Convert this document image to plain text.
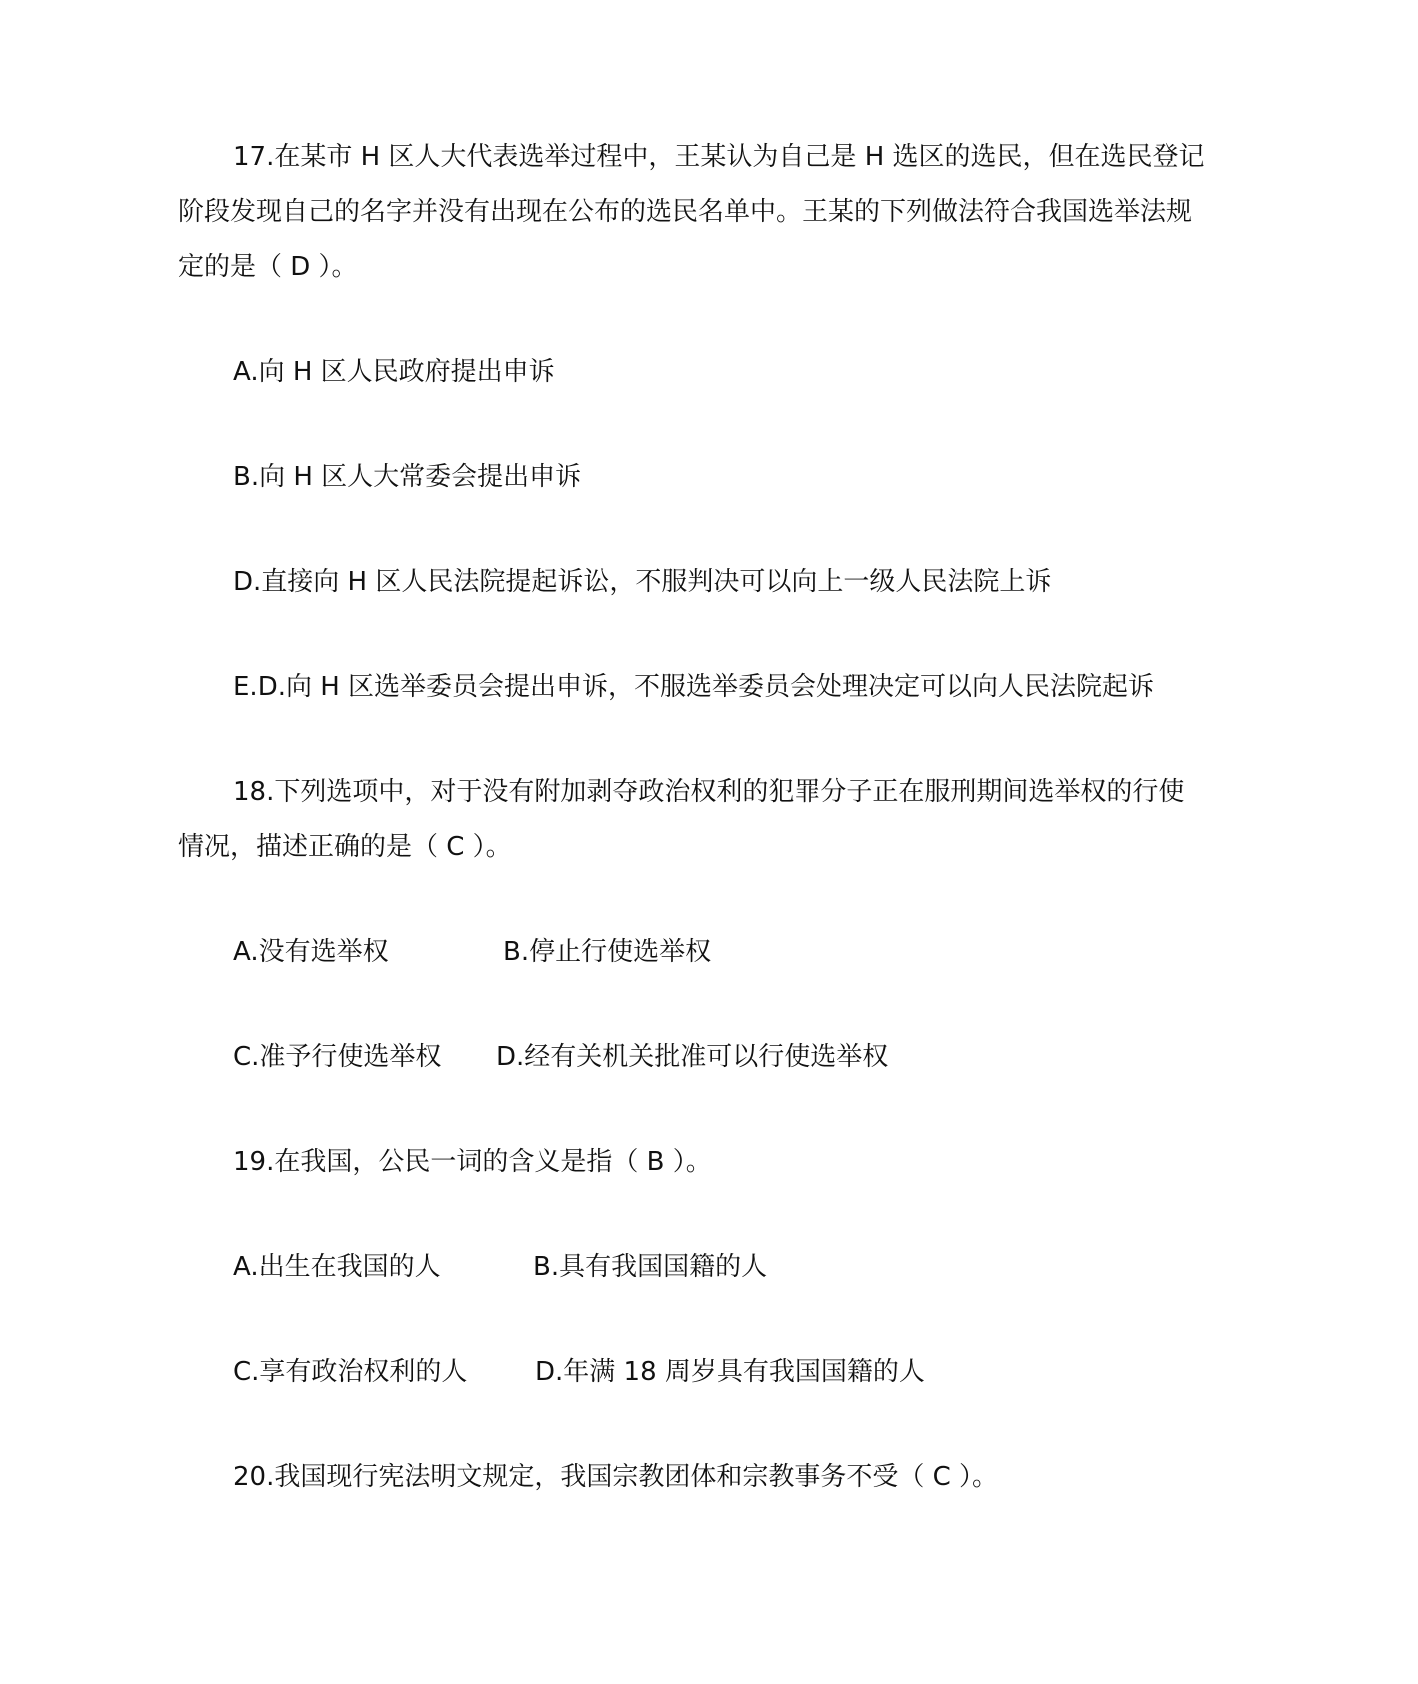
17.在某市 H 区人大代表选举过程中，王某认为自己是 H 选区的选民，但在选民登记
阶段发现自己的名字并没有出现在公布的选民名单中。王某的下列做法符合我国选举法规
定的是（ D ）。
A.向 H 区人民政府提出申诉
B.向 H 区人大常委会提出申诉
D.直接向 H 区人民法院提起诉讼，不服判决可以向上一级人民法院上诉
E.D.向 H 区选举委员会提出申诉，不服选举委员会处理决定可以向人民法院起诉
18.下列选项中，对于没有附加剥夺政治权利的犯罪分子正在服刑期间选举权的行使
情况，描述正确的是（ C ）。
A.没有选举权	B.停止行使选举权
C.准予行使选举权 D.经有关机关批准可以行使选举权
19.在我国，公民一词的含义是指（ B ）。
A.出生在我国的人	B.具有我国国籍的人
C.享有政治权利的人	D.年满 18 周岁具有我国国籍的人
20.我国现行宪法明文规定，我国宗教团体和宗教事务不受（ C ）。
